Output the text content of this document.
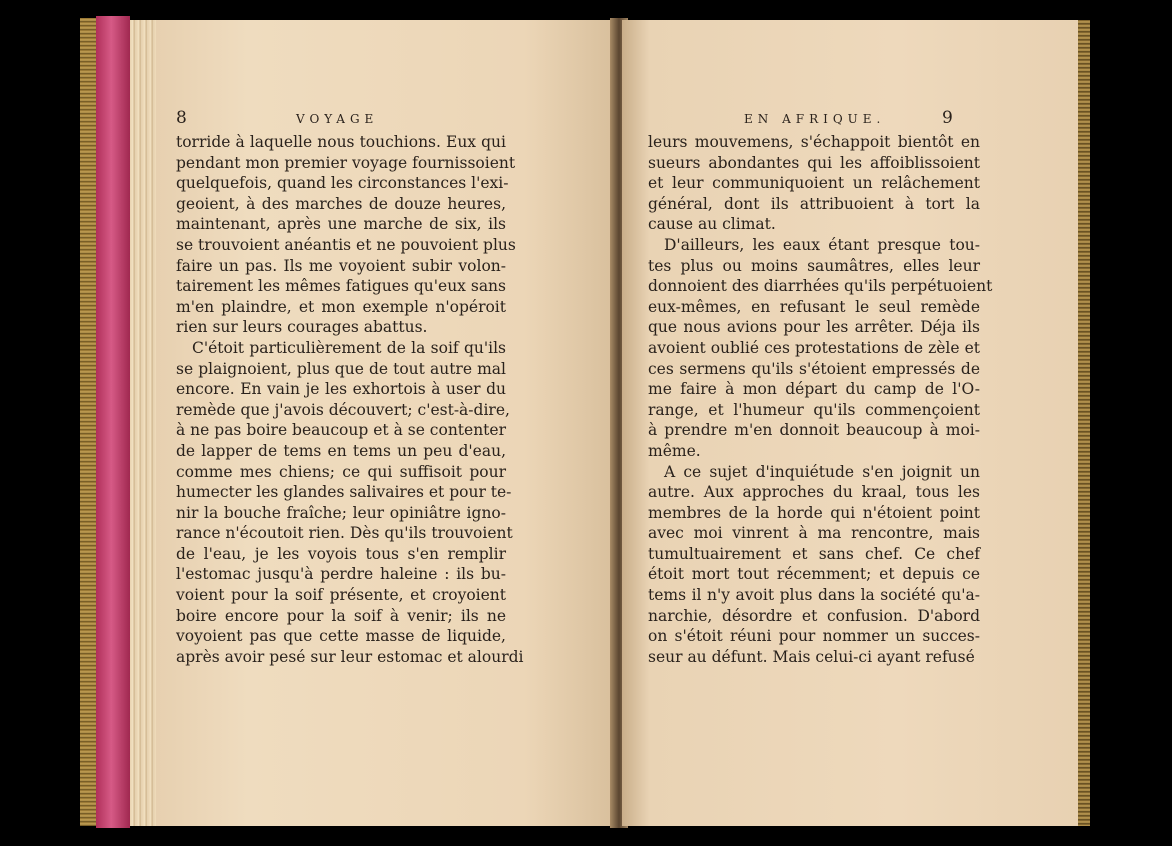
8	VOYAGE
torride à laquelle nous touchions. Eux qui
pendant mon premier voyage fournissoient
quelquefois, quand les circonstances l'exi-
geoient, à des marches de douze heures,
maintenant, après une marche de six, ils
se trouvoient anéantis et ne pouvoient plus
faire un pas. Ils me voyoient subir volon-
tairement les mêmes fatigues qu'eux sans
m'en plaindre, et mon exemple n'opéroit
rien sur leurs courages abattus.
C'étoit particulièrement de la soif qu'ils
se plaignoient, plus que de tout autre mal
encore. En vain je les exhortois à user du
remède que j'avois découvert; c'est-à-dire,
à ne pas boire beaucoup et à se contenter
de lapper de tems en tems un peu d'eau,
comme mes chiens; ce qui suffisoit pour
humecter les glandes salivaires et pour te-
nir la bouche fraîche; leur opiniâtre igno-
rance n'écoutoit rien. Dès qu'ils trouvoient
de l'eau, je les voyois tous s'en remplir
l'estomac jusqu'à perdre haleine : ils bu-
voient pour la soif présente, et croyoient
boire encore pour la soif à venir; ils ne
voyoient pas que cette masse de liquide,
après avoir pesé sur leur estomac et alourdi
EN AFRIQUE.	9
leurs mouvemens, s'échappoit bientôt en
sueurs abondantes qui les affoiblissoient
et leur communiquoient un relâchement
général, dont ils attribuoient à tort la
cause au climat.
D'ailleurs, les eaux étant presque tou-
tes plus ou moins saumâtres, elles leur
donnoient des diarrhées qu'ils perpétuoient
eux-mêmes, en refusant le seul remède
que nous avions pour les arrêter. Déja ils
avoient oublié ces protestations de zèle et
ces sermens qu'ils s'étoient empressés de
me faire à mon départ du camp de l'O-
range, et l'humeur qu'ils commençoient
à prendre m'en donnoit beaucoup à moi-
même.
A ce sujet d'inquiétude s'en joignit un
autre. Aux approches du kraal, tous les
membres de la horde qui n'étoient point
avec moi vinrent à ma rencontre, mais
tumultuairement et sans chef. Ce chef
étoit mort tout récemment; et depuis ce
tems il n'y avoit plus dans la société qu'a-
narchie, désordre et confusion. D'abord
on s'étoit réuni pour nommer un succes-
seur au défunt. Mais celui-ci ayant refusé
